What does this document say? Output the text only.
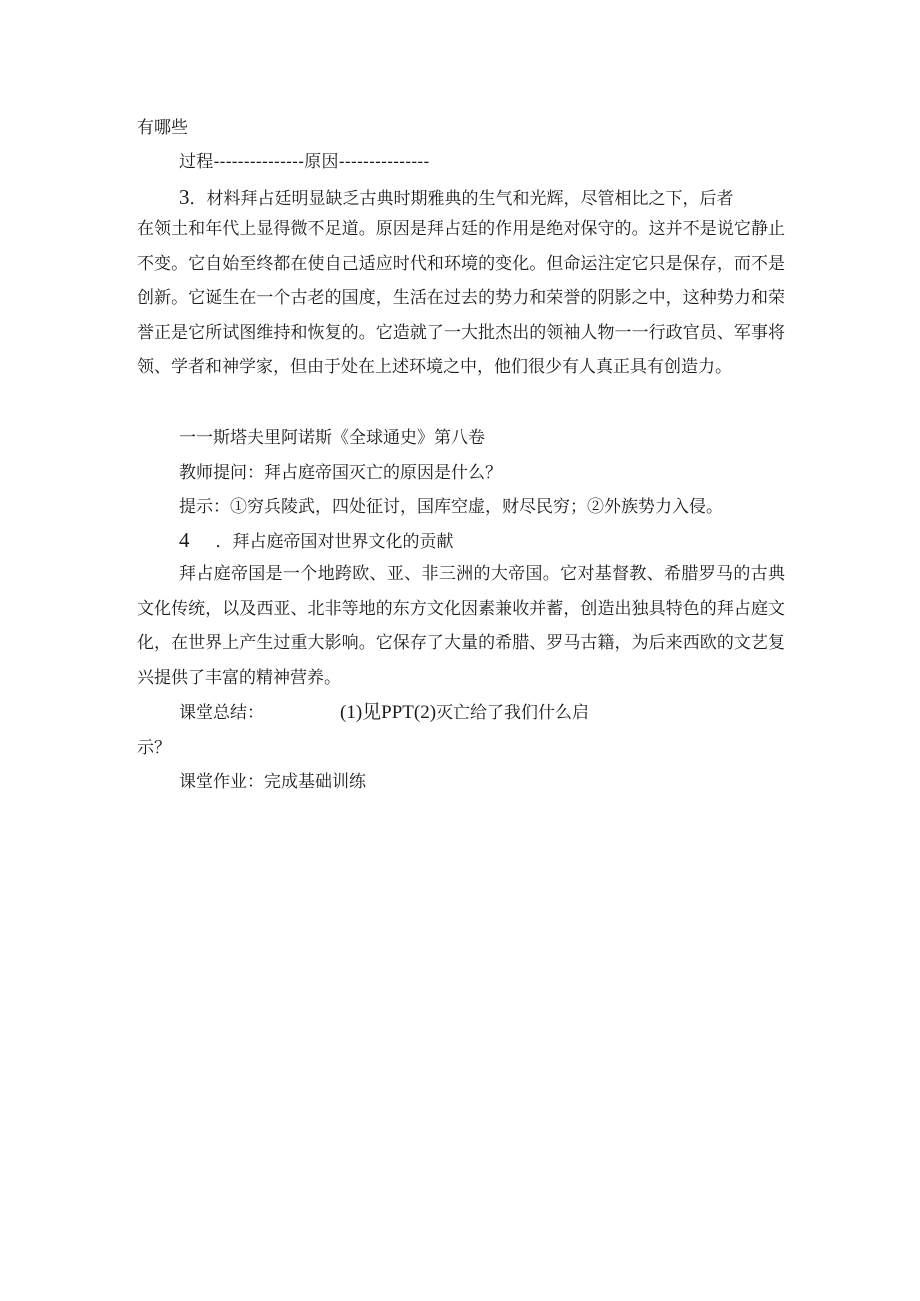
有哪些
过程---------------原因---------------
3．材料拜占廷明显缺乏古典时期雅典的生气和光辉，尽管相比之下，后者
在领土和年代上显得微不足道。原因是拜占廷的作用是绝对保守的。这并不是说它静止不变。它自始至终都在使自己适应时代和环境的变化。但命运注定它只是保存，而不是创新。它诞生在一个古老的国度，生活在过去的势力和荣誉的阴影之中，这种势力和荣誉正是它所试图维持和恢复的。它造就了一大批杰出的领袖人物一一行政官员、军事将领、学者和神学家，但由于处在上述环境之中，他们很少有人真正具有创造力。
一一斯塔夫里阿诺斯《全球通史》第八卷
教师提问：拜占庭帝国灭亡的原因是什么？
提示：①穷兵陵武，四处征讨，国库空虚，财尽民穷；②外族势力入侵。
4 ．拜占庭帝国对世界文化的贡献
拜占庭帝国是一个地跨欧、亚、非三洲的大帝国。它对基督教、希腊罗马的古典文化传统，以及西亚、北非等地的东方文化因素兼收并蓄，创造出独具特色的拜占庭文化，在世界上产生过重大影响。它保存了大量的希腊、罗马古籍，为后来西欧的文艺复兴提供了丰富的精神营养。
课堂总结：	(1)见PPT(2)灭亡给了我们什么启
示？
课堂作业：完成基础训练
